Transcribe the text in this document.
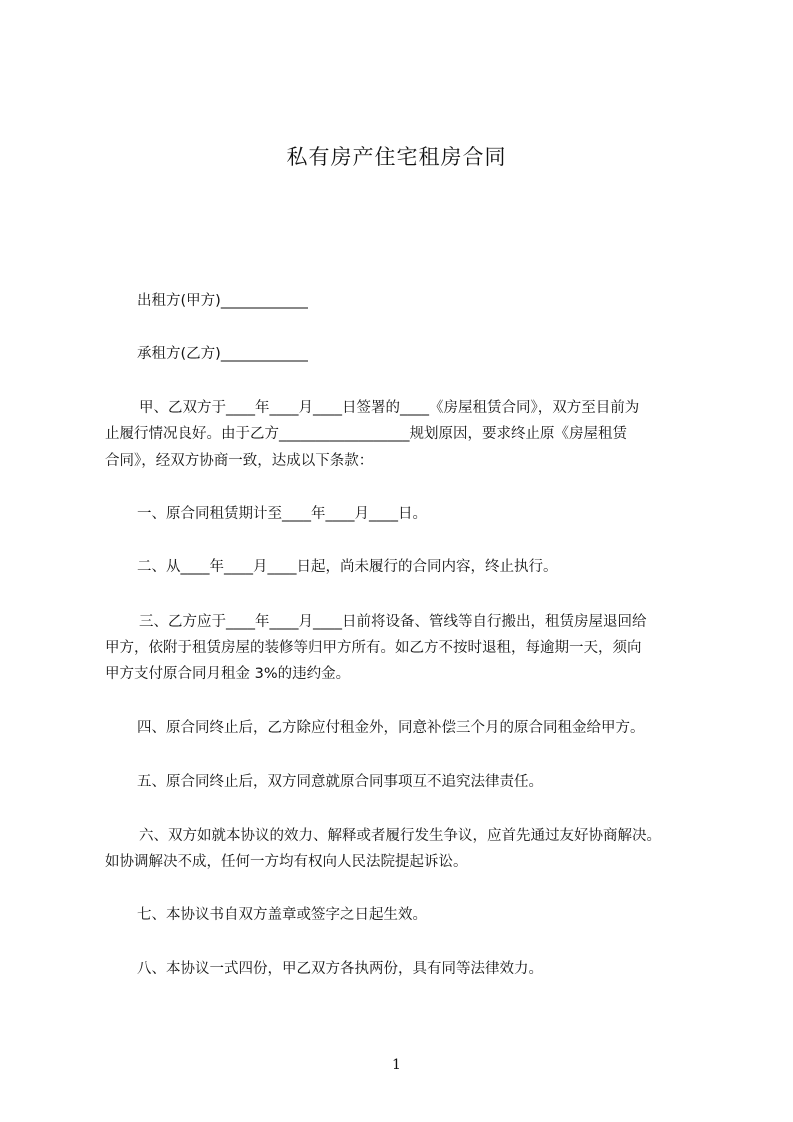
私有房产住宅租房合同
出租方(甲方)____________
承租方(乙方)____________
甲、乙双方于____年____月____日签署的____《房屋租赁合同》，双方至目前为
止履行情况良好。由于乙方__________________规划原因，要求终止原《房屋租赁
合同》，经双方协商一致，达成以下条款：
一、原合同租赁期计至____年____月____日。
二、从____年____月____日起，尚未履行的合同内容，终止执行。
三、乙方应于____年____月____日前将设备、管线等自行搬出，租赁房屋退回给
甲方，依附于租赁房屋的装修等归甲方所有。如乙方不按时退租，每逾期一天，须向
甲方支付原合同月租金 3%的违约金。
四、原合同终止后，乙方除应付租金外，同意补偿三个月的原合同租金给甲方。
五、原合同终止后，双方同意就原合同事项互不追究法律责任。
六、双方如就本协议的效力、解释或者履行发生争议，应首先通过友好协商解决。
如协调解决不成，任何一方均有权向人民法院提起诉讼。
七、本协议书自双方盖章或签字之日起生效。
八、本协议一式四份，甲乙双方各执两份，具有同等法律效力。
1
